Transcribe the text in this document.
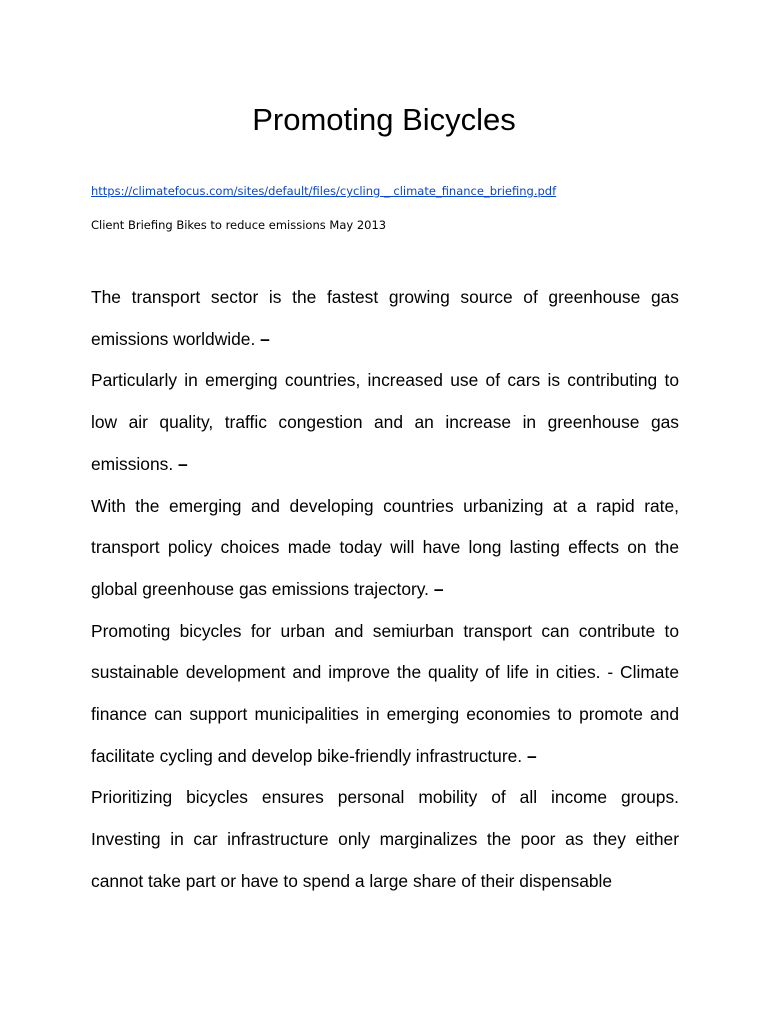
Promoting Bicycles
https://climatefocus.com/sites/default/files/cycling _ climate_finance_briefing.pdf
Client Briefing Bikes to reduce emissions May 2013

The transport sector is the fastest growing source of greenhouse gas emissions worldwide. –

Particularly in emerging countries, increased use of cars is contributing to low air quality, traffic congestion and an increase in greenhouse gas emissions. –

With the emerging and developing countries urbanizing at a rapid rate, transport policy choices made today will have long lasting effects on the global greenhouse gas emissions trajectory. –

Promoting bicycles for urban and semiurban transport can contribute to sustainable development and improve the quality of life in cities. - Climate finance can support municipalities in emerging economies to promote and facilitate cycling and develop bike-friendly infrastructure. –

Prioritizing bicycles ensures personal mobility of all income groups. Investing in car infrastructure only marginalizes the poor as they either cannot take part or have to spend a large share of their dispensable
